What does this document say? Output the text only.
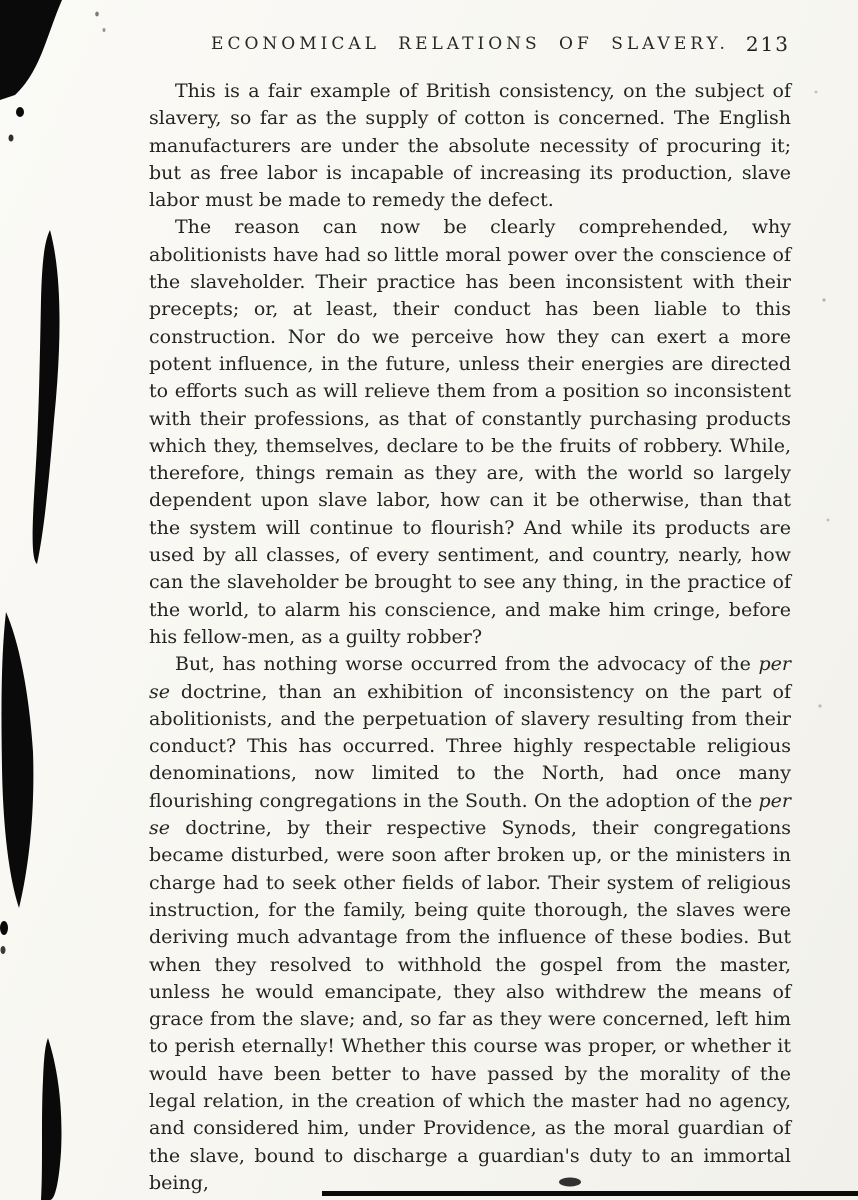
ECONOMICAL RELATIONS OF SLAVERY. 213

This is a fair example of British consistency, on the subject of slavery, so far as the supply of cotton is concerned. The English manufacturers are under the absolute necessity of procuring it; but as free labor is incapable of increasing its production, slave labor must be made to remedy the defect.

The reason can now be clearly comprehended, why abolitionists have had so little moral power over the conscience of the slaveholder. Their practice has been inconsistent with their precepts; or, at least, their conduct has been liable to this construction. Nor do we perceive how they can exert a more potent influence, in the future, unless their energies are directed to efforts such as will relieve them from a position so inconsistent with their professions, as that of constantly purchasing products which they, themselves, declare to be the fruits of robbery. While, therefore, things remain as they are, with the world so largely dependent upon slave labor, how can it be otherwise, than that the system will continue to flourish? And while its products are used by all classes, of every sentiment, and country, nearly, how can the slaveholder be brought to see any thing, in the practice of the world, to alarm his conscience, and make him cringe, before his fellow-men, as a guilty robber?

But, has nothing worse occurred from the advocacy of the per se doctrine, than an exhibition of inconsistency on the part of abolitionists, and the perpetuation of slavery resulting from their conduct? This has occurred. Three highly respectable religious denominations, now limited to the North, had once many flourishing congregations in the South. On the adoption of the per se doctrine, by their respective Synods, their congregations became disturbed, were soon after broken up, or the ministers in charge had to seek other fields of labor. Their system of religious instruction, for the family, being quite thorough, the slaves were deriving much advantage from the influence of these bodies. But when they resolved to withhold the gospel from the master, unless he would emancipate, they also withdrew the means of grace from the slave; and, so far as they were concerned, left him to perish eternally! Whether this course was proper, or whether it would have been better to have passed by the morality of the legal relation, in the creation of which the master had no agency, and considered him, under Providence, as the moral guardian of the slave, bound to discharge a guardian's duty to an immortal being,
